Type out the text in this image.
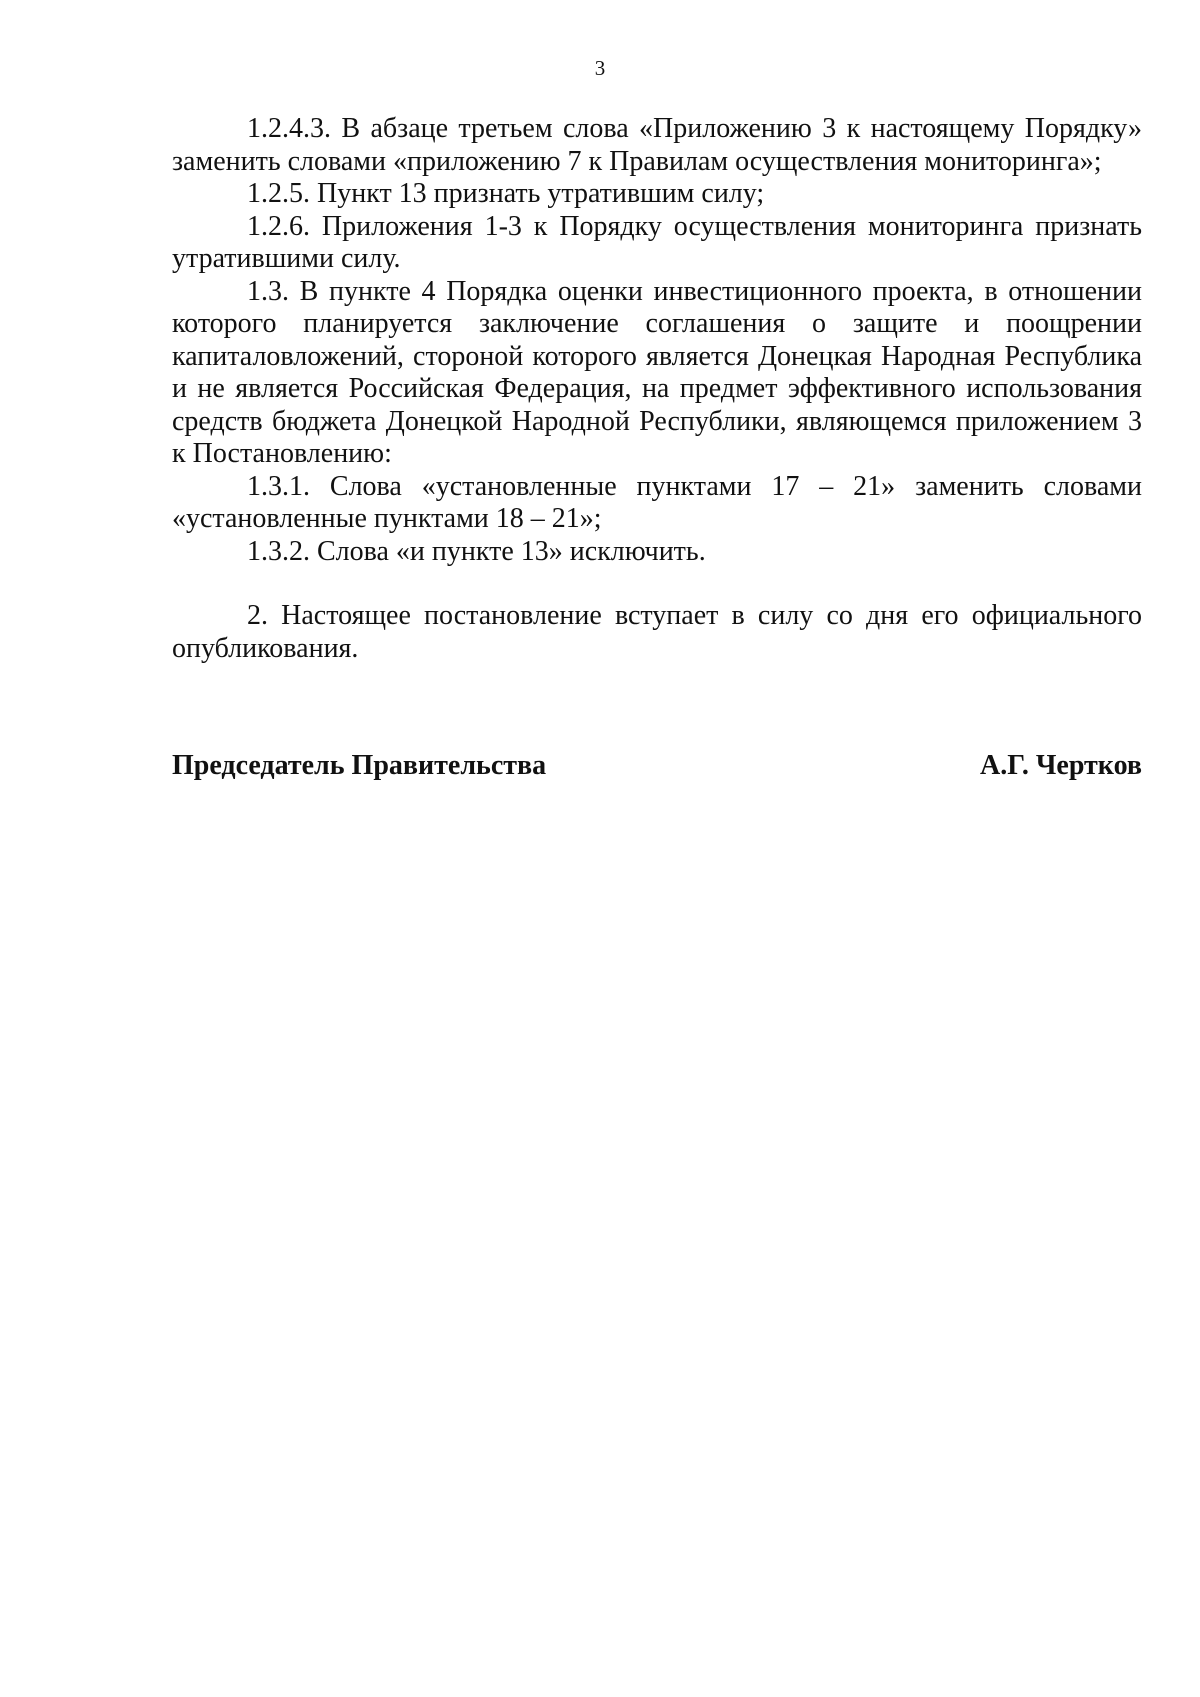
3

1.2.4.3. В абзаце третьем слова «Приложению 3 к настоящему Порядку» заменить словами «приложению 7 к Правилам осуществления мониторинга»;

1.2.5. Пункт 13 признать утратившим силу;

1.2.6. Приложения 1-3 к Порядку осуществления мониторинга признать утратившими силу.

1.3. В пункте 4 Порядка оценки инвестиционного проекта, в отношении которого планируется заключение соглашения о защите и поощрении капиталовложений, стороной которого является Донецкая Народная Республика и не является Российская Федерация, на предмет эффективного использования средств бюджета Донецкой Народной Республики, являющемся приложением 3 к Постановлению:

1.3.1. Слова «установленные пунктами 17 – 21» заменить словами «установленные пунктами 18 – 21»;

1.3.2. Слова «и пункте 13» исключить.

2. Настоящее постановление вступает в силу со дня его официального опубликования.

Председатель Правительства	А.Г. Чертков
